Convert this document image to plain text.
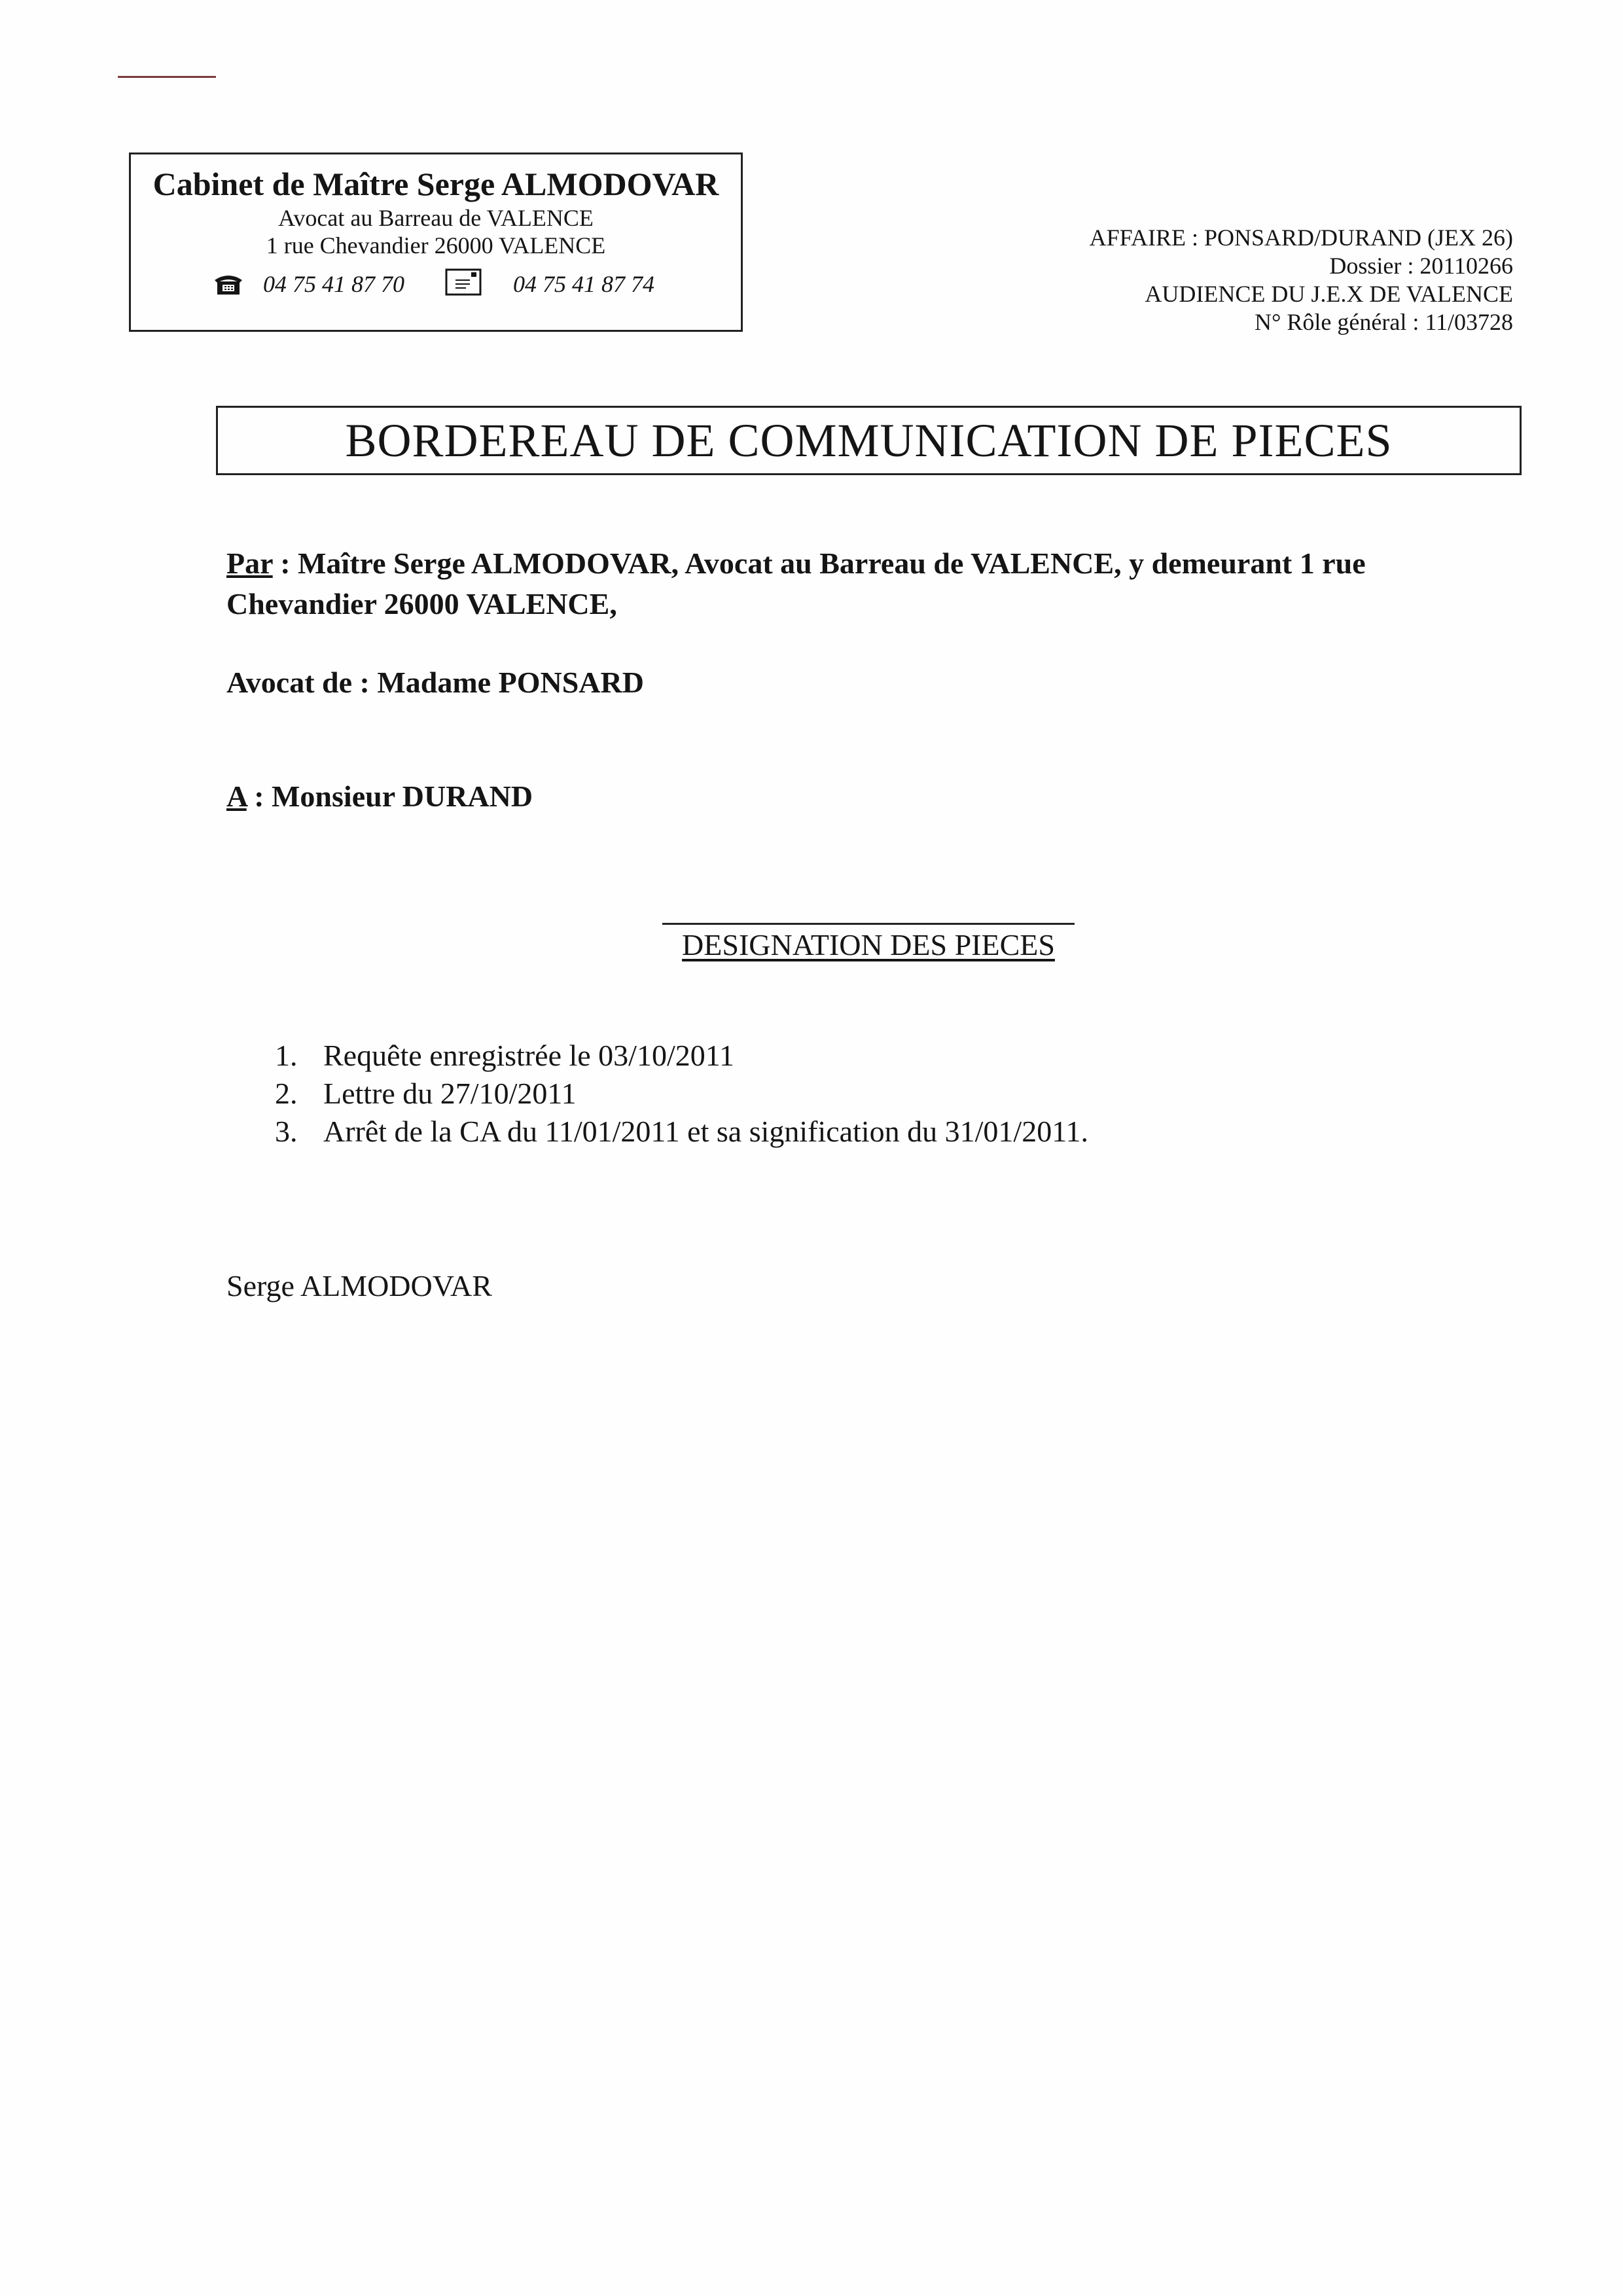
Cabinet de Maître Serge ALMODOVAR
Avocat au Barreau de VALENCE
1 rue Chevandier 26000 VALENCE
04 75 41 87 70	04 75 41 87 74
AFFAIRE : PONSARD/DURAND (JEX 26)
Dossier : 20110266
AUDIENCE DU J.E.X DE VALENCE
N° Rôle général : 11/03728
BORDEREAU DE COMMUNICATION DE PIECES
Par : Maître Serge ALMODOVAR, Avocat au Barreau de VALENCE, y demeurant 1 rue Chevandier 26000 VALENCE,
Avocat de : Madame PONSARD
A : Monsieur DURAND
DESIGNATION DES PIECES
1. Requête enregistrée le 03/10/2011
2. Lettre du 27/10/2011
3. Arrêt de la CA du 11/01/2011 et sa signification du 31/01/2011.
Serge ALMODOVAR
